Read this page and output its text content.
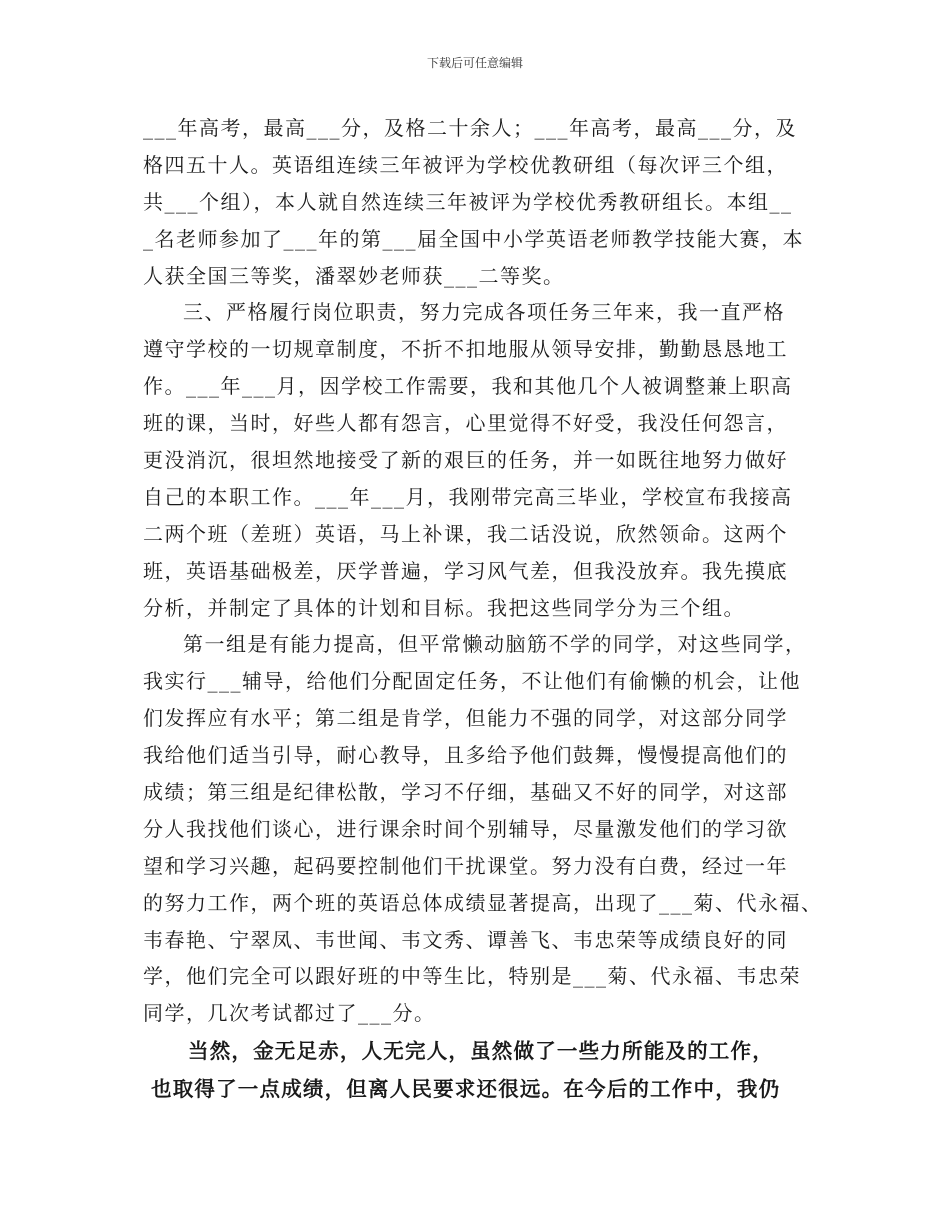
下载后可任意编辑
___年高考，最高___分，及格二十余人；___年高考，最高___分，及
格四五十人。英语组连续三年被评为学校优教研组（每次评三个组，
共___个组），本人就自然连续三年被评为学校优秀教研组长。本组__
_名老师参加了___年的第___届全国中小学英语老师教学技能大赛，本
人获全国三等奖，潘翠妙老师获___二等奖。
三、严格履行岗位职责，努力完成各项任务三年来，我一直严格
遵守学校的一切规章制度，不折不扣地服从领导安排，勤勤恳恳地工
作。___年___月，因学校工作需要，我和其他几个人被调整兼上职高
班的课，当时，好些人都有怨言，心里觉得不好受，我没任何怨言，
更没消沉，很坦然地接受了新的艰巨的任务，并一如既往地努力做好
自己的本职工作。___年___月，我刚带完高三毕业，学校宣布我接高
二两个班（差班）英语，马上补课，我二话没说，欣然领命。这两个
班，英语基础极差，厌学普遍，学习风气差，但我没放弃。我先摸底
分析，并制定了具体的计划和目标。我把这些同学分为三个组。
第一组是有能力提高，但平常懒动脑筋不学的同学，对这些同学，
我实行___辅导，给他们分配固定任务，不让他们有偷懒的机会，让他
们发挥应有水平；第二组是肯学，但能力不强的同学，对这部分同学
我给他们适当引导，耐心教导，且多给予他们鼓舞，慢慢提高他们的
成绩；第三组是纪律松散，学习不仔细，基础又不好的同学，对这部
分人我找他们谈心，进行课余时间个别辅导，尽量激发他们的学习欲
望和学习兴趣，起码要控制他们干扰课堂。努力没有白费，经过一年
的努力工作，两个班的英语总体成绩显著提高，出现了___菊、代永福、
韦春艳、宁翠凤、韦世闻、韦文秀、谭善飞、韦忠荣等成绩良好的同
学，他们完全可以跟好班的中等生比，特别是___菊、代永福、韦忠荣
同学，几次考试都过了___分。
当然，金无足赤，人无完人，虽然做了一些力所能及的工作，
也取得了一点成绩，但离人民要求还很远。在今后的工作中，我仍
